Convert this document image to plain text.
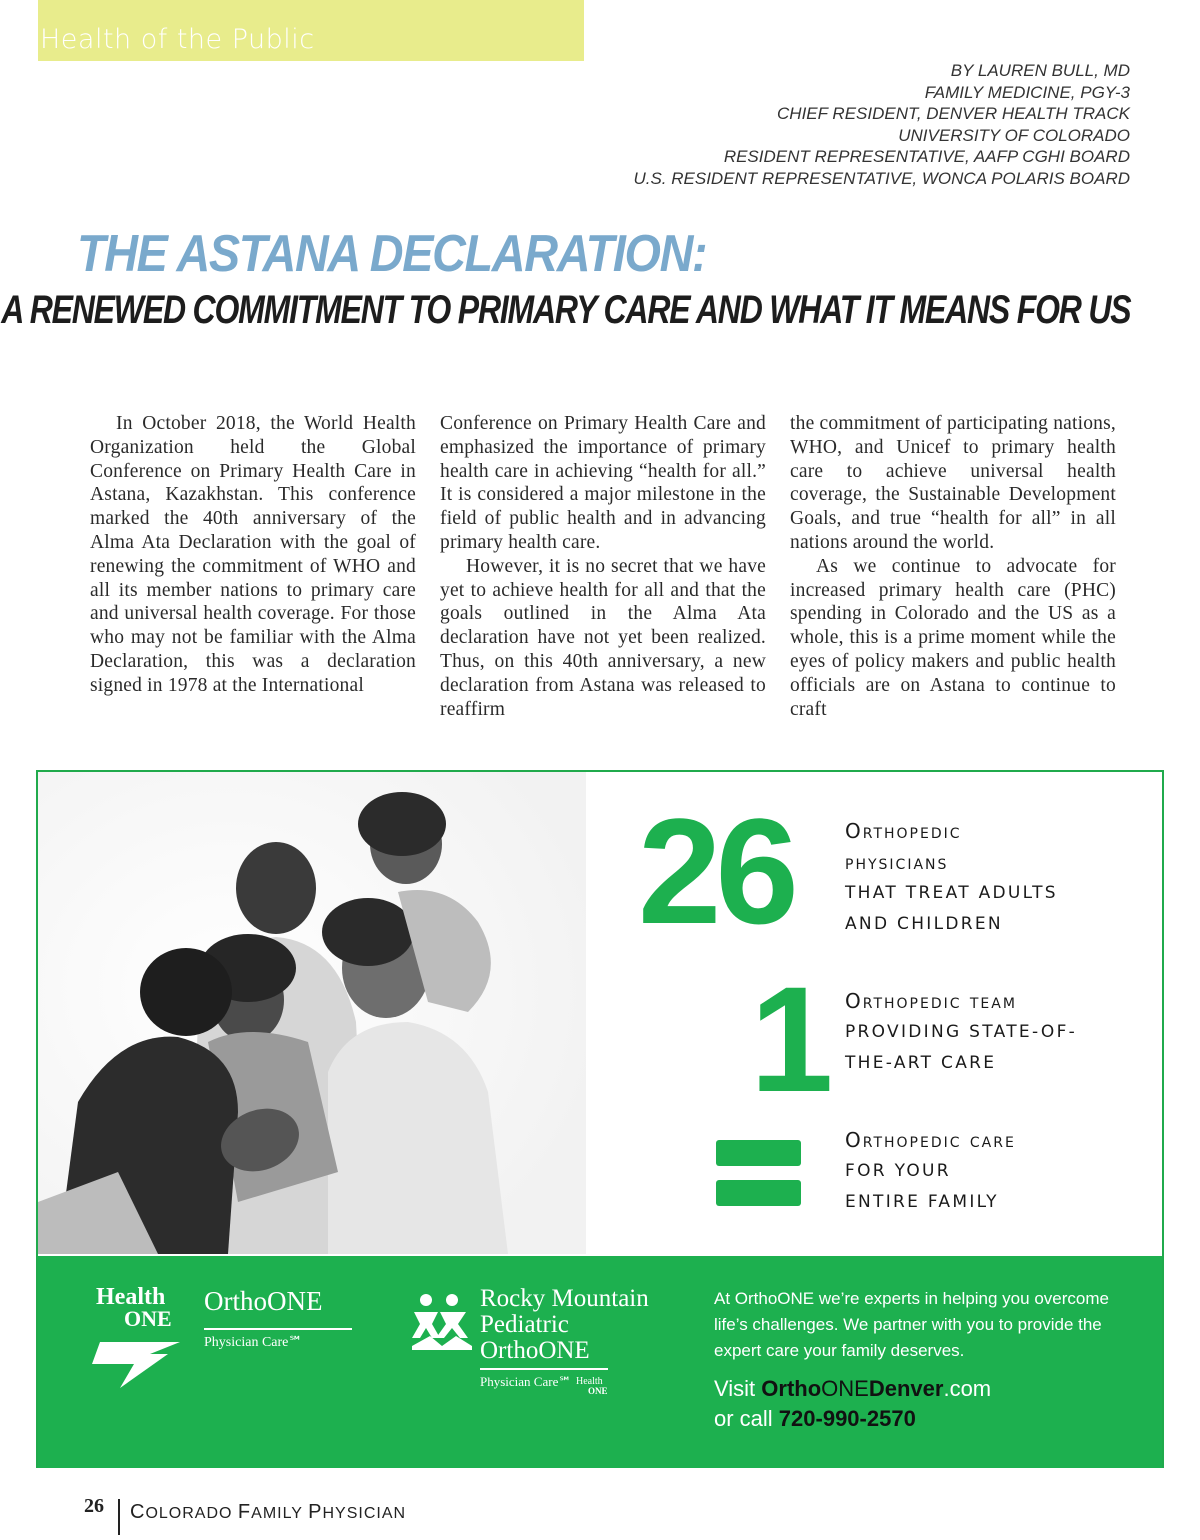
Health of the Public
BY LAUREN BULL, MD
FAMILY MEDICINE, PGY-3
CHIEF RESIDENT, DENVER HEALTH TRACK
UNIVERSITY OF COLORADO
RESIDENT REPRESENTATIVE, AAFP CGHI BOARD
U.S. RESIDENT REPRESENTATIVE, WONCA POLARIS BOARD
THE ASTANA DECLARATION:
A RENEWED COMMITMENT TO PRIMARY CARE AND WHAT IT MEANS FOR US

In October 2018, the World Health Organization held the Global Conference on Primary Health Care in Astana, Kazakhstan. This conference marked the 40th anniversary of the Alma Ata Declaration with the goal of renewing the commitment of WHO and all its member nations to primary care and universal health coverage. For those who may not be familiar with the Alma Declaration, this was a declaration signed in 1978 at the International

Conference on Primary Health Care and emphasized the importance of primary health care in achieving “health for all.” It is considered a major milestone in the field of public health and in advancing primary health care.

However, it is no secret that we have yet to achieve health for all and that the goals outlined in the Alma Ata declaration have not yet been realized. Thus, on this 40th anniversary, a new declaration from Astana was released to reaffirm

the commitment of participating nations, WHO, and Unicef to primary health care to achieve universal health coverage, the Sustainable Development Goals, and true “health for all” in all nations around the world.

As we continue to advocate for increased primary health care (PHC) spending in Colorado and the US as a whole, this is a prime moment while the eyes of policy makers and public health officials are on Astana to continue to craft

26	Orthopedic
physicians
THAT TREAT ADULTS
AND CHILDREN
1 Orthopedic team
PROVIDING STATE-OF-
THE-ART CARE
Orthopedic care
FOR YOUR
ENTIRE FAMILY
Health
ONE
OrthoONE
Physician Care℠
Rocky Mountain
Pediatric
OrthoONE
Physician Care℠ Health
ONE
At OrthoONE we’re experts in helping you overcome life’s challenges. We partner with you to provide the expert care your family deserves.
Visit OrthoONEDenver.com
or call 720-990-2570
26 COLORADO FAMILY PHYSICIAN
